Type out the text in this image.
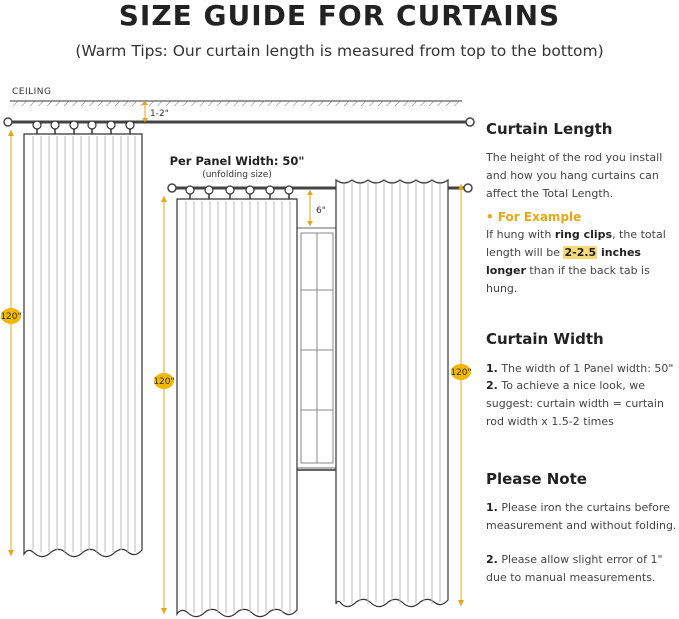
SIZE GUIDE FOR CURTAINS
(Warm Tips: Our curtain length is measured from top to the bottom)
CEILING
1-2"
120"
Per Panel Width: 50"
(unfolding size)
120"
6"
120"
Curtain Length
The height of the rod you install and how you hang curtains can affect the Total Length.
• For Example
If hung with ring clips, the total length will be 2-2.5 inches longer than if the back tab is hung.
Curtain Width
1. The width of 1 Panel width: 50"
2. To achieve a nice look, we suggest: curtain width = curtain rod width x 1.5-2 times
Please Note
1. Please iron the curtains before measurement and without folding.
2. Please allow slight error of 1" due to manual measurements.
